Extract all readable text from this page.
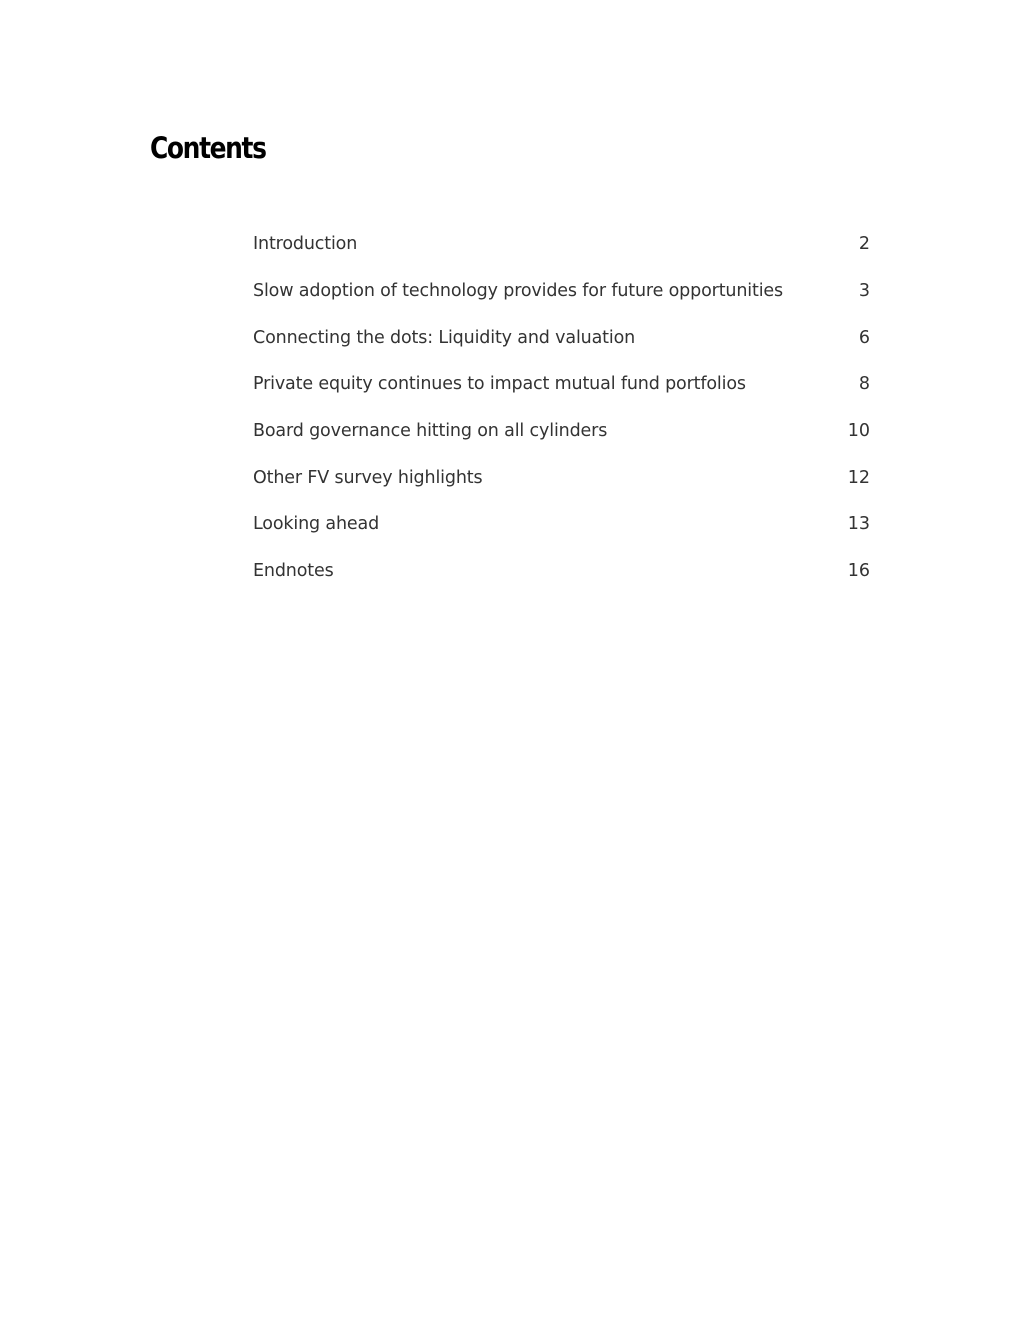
Contents
Introduction	2
Slow adoption of technology provides for future opportunities	3
Connecting the dots: Liquidity and valuation	6
Private equity continues to impact mutual fund portfolios	8
Board governance hitting on all cylinders	10
Other FV survey highlights	12
Looking ahead	13
Endnotes	16
